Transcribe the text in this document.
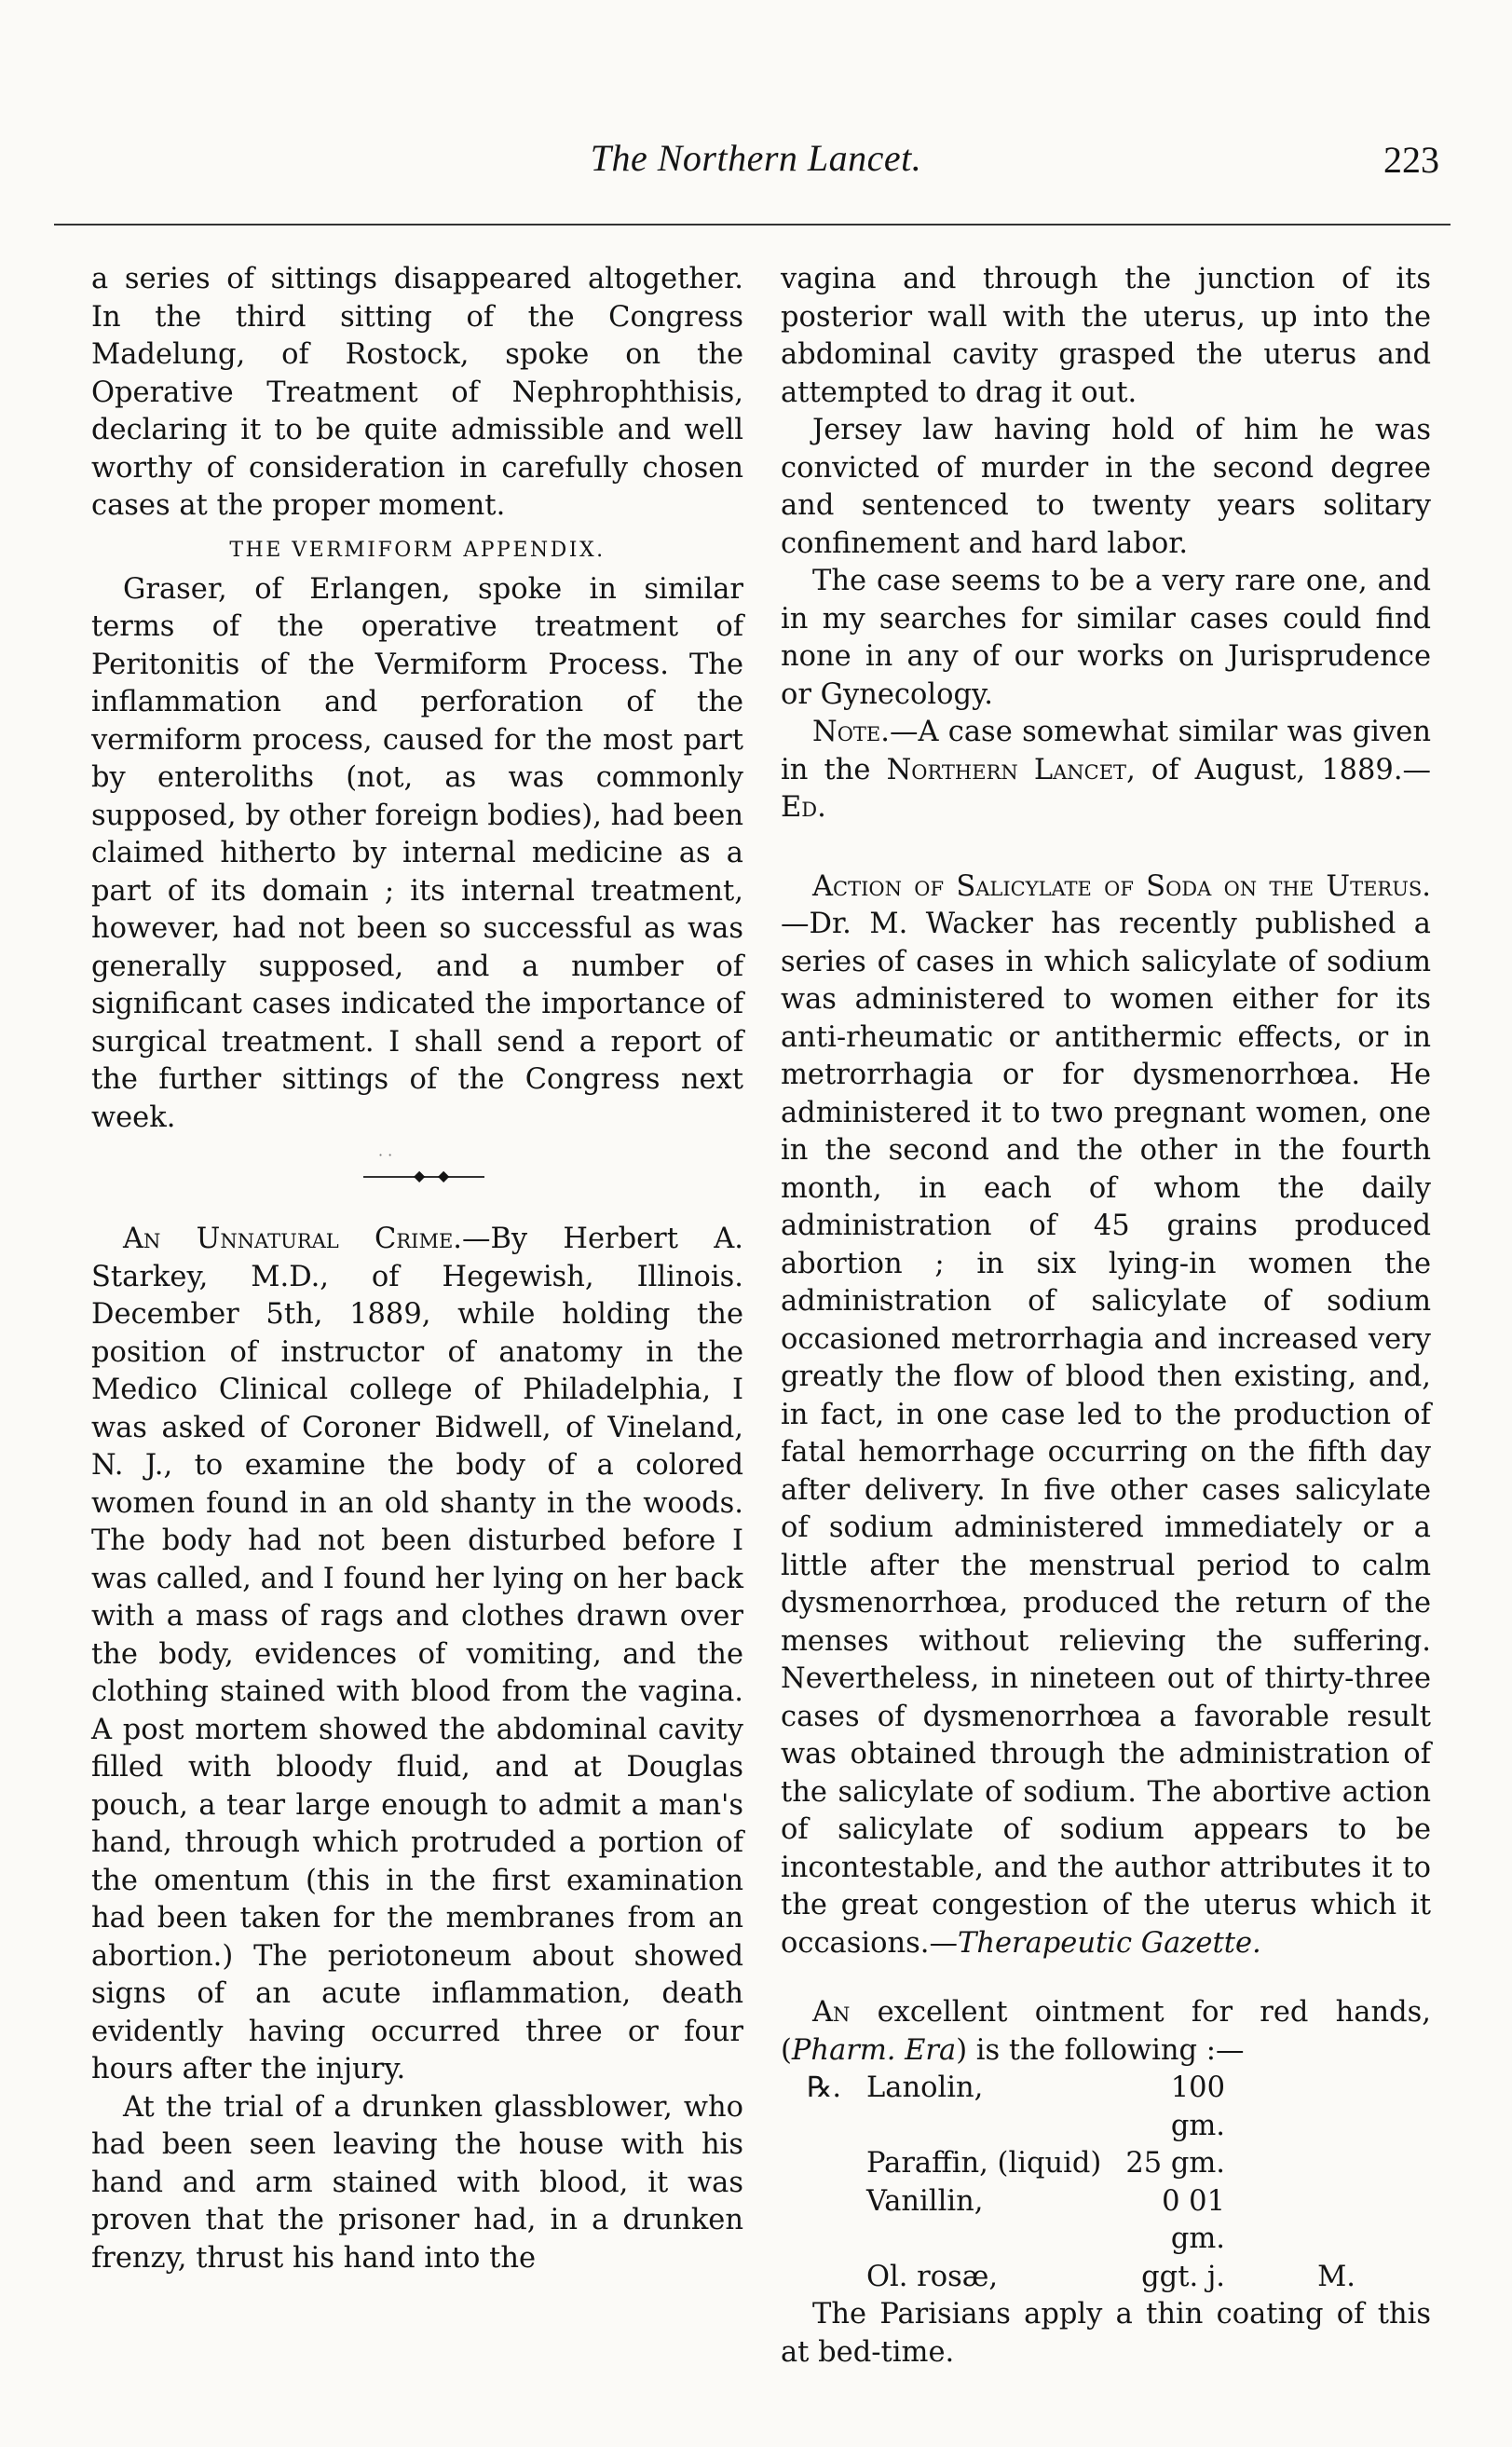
The Northern Lancet.	223

a series of sittings disappeared altogether. In the third sitting of the Congress Madelung, of Rostock, spoke on the Operative Treatment of Nephrophthisis, declaring it to be quite admissible and well worthy of consideration in carefully chosen cases at the proper moment.

THE VERMIFORM APPENDIX.

Graser, of Erlangen, spoke in similar terms of the operative treatment of Peritonitis of the Vermiform Process. The inflammation and perforation of the vermiform process, caused for the most part by enteroliths (not, as was commonly supposed, by other foreign bodies), had been claimed hitherto by internal medicine as a part of its domain ; its internal treatment, however, had not been so successful as was generally supposed, and a number of significant cases indicated the importance of surgical treatment. I shall send a report of the further sittings of the Congress next week.

· ·
◆ ◆

An Unnatural Crime.—By Herbert A. Starkey, M.D., of Hegewish, Illinois. December 5th, 1889, while holding the position of instructor of anatomy in the Medico Clinical college of Philadelphia, I was asked of Coroner Bidwell, of Vineland, N. J., to examine the body of a colored women found in an old shanty in the woods. The body had not been disturbed before I was called, and I found her lying on her back with a mass of rags and clothes drawn over the body, evidences of vomiting, and the clothing stained with blood from the vagina. A post mortem showed the abdominal cavity filled with bloody fluid, and at Douglas pouch, a tear large enough to admit a man's hand, through which protruded a portion of the omentum (this in the first examination had been taken for the membranes from an abortion.) The periotoneum about showed signs of an acute inflammation, death evidently having occurred three or four hours after the injury.

At the trial of a drunken glassblower, who had been seen leaving the house with his hand and arm stained with blood, it was proven that the prisoner had, in a drunken frenzy, thrust his hand into the

vagina and through the junction of its posterior wall with the uterus, up into the abdominal cavity grasped the uterus and attempted to drag it out.

Jersey law having hold of him he was convicted of murder in the second degree and sentenced to twenty years solitary confinement and hard labor.

The case seems to be a very rare one, and in my searches for similar cases could find none in any of our works on Jurisprudence or Gynecology.

Note.—A case somewhat similar was given in the Northern Lancet, of August, 1889.—Ed.

Action of Salicylate of Soda on the Uterus.—Dr. M. Wacker has recently published a series of cases in which salicylate of sodium was administered to women either for its anti-rheumatic or antithermic effects, or in metrorrhagia or for dysmenorrhœa. He administered it to two pregnant women, one in the second and the other in the fourth month, in each of whom the daily administration of 45 grains produced abortion ; in six lying-in women the administration of salicylate of sodium occasioned metrorrhagia and increased very greatly the flow of blood then existing, and, in fact, in one case led to the production of fatal hemorrhage occurring on the fifth day after delivery. In five other cases salicylate of sodium administered immediately or a little after the menstrual period to calm dysmenorrhœa, produced the return of the menses without relieving the suffering. Nevertheless, in nineteen out of thirty-three cases of dysmenorrhœa a favorable result was obtained through the administration of the salicylate of sodium. The abortive action of salicylate of sodium appears to be incontestable, and the author attributes it to the great congestion of the uterus which it occasions.—Therapeutic Gazette.

An excellent ointment for red hands, (Pharm. Era) is the following :—

℞. Lanolin,	100 gm.
Paraffin, (liquid) 25 gm.
Vanillin,	0 01 gm.
Ol. rosæ,	ggt. j.	M.

The Parisians apply a thin coating of this at bed-time.
